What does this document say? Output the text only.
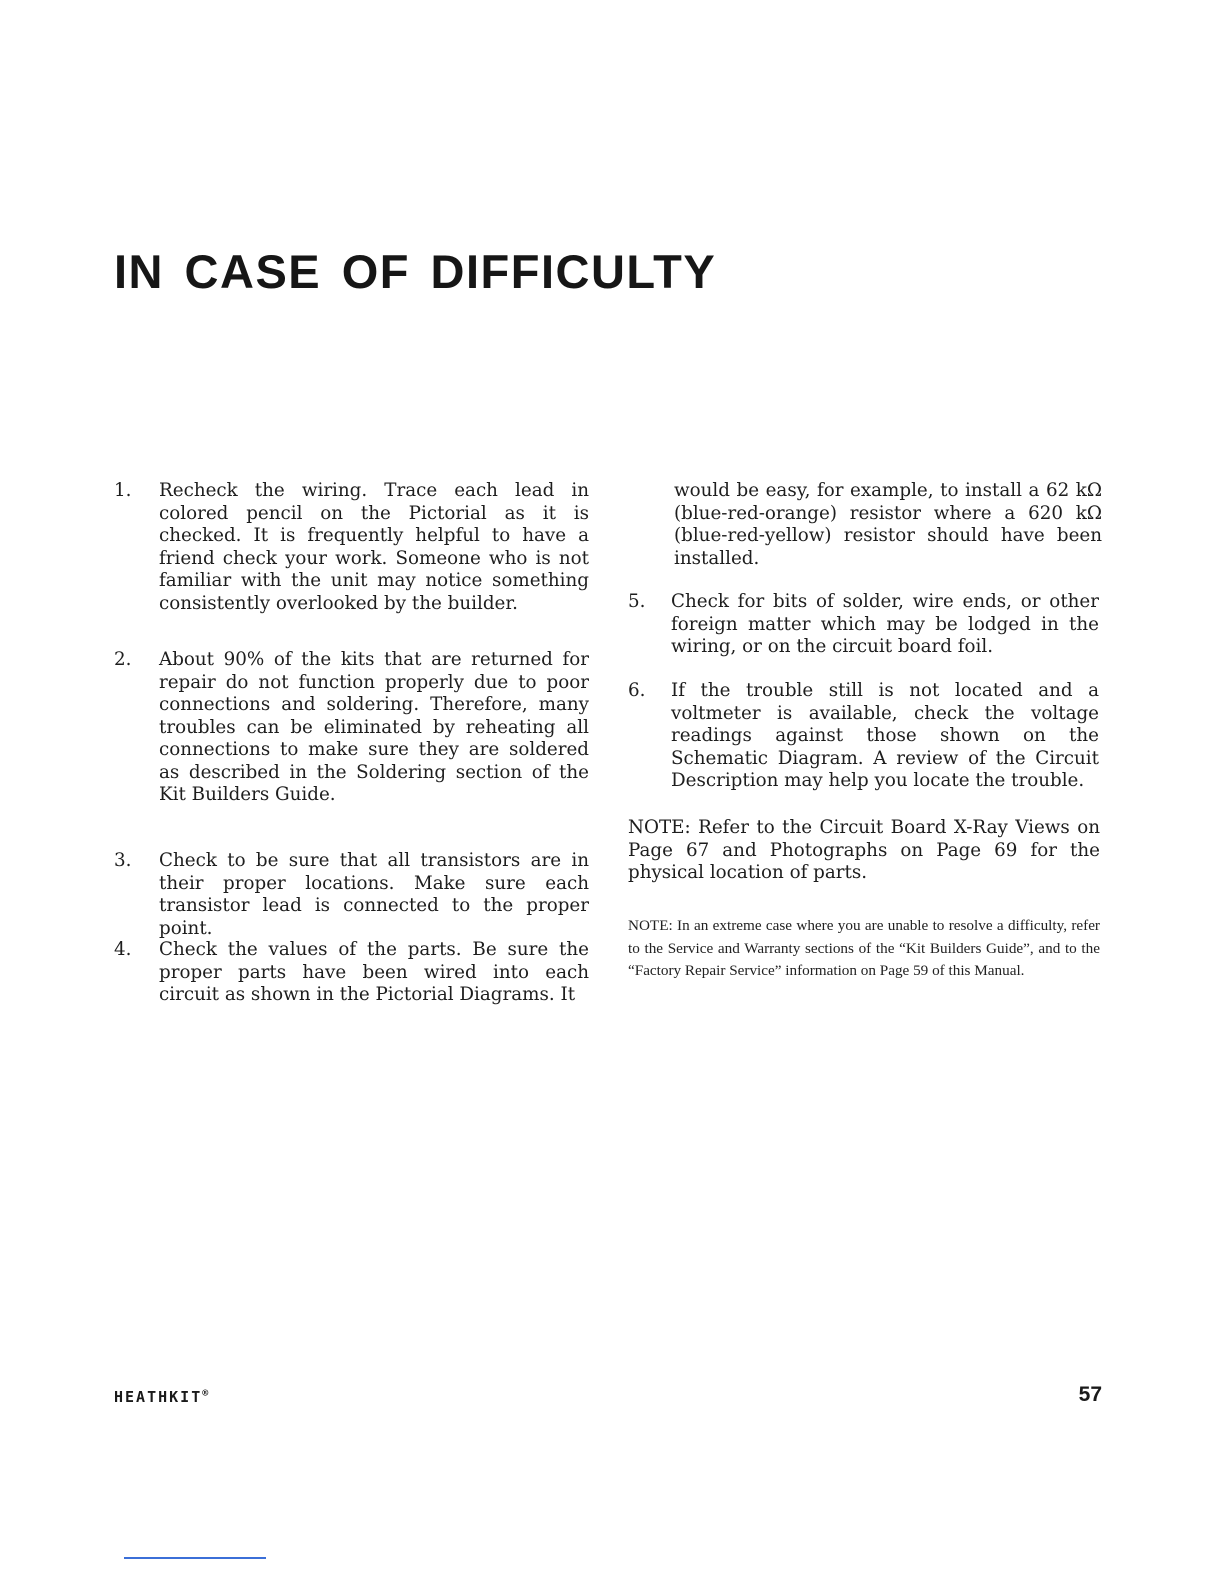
IN CASE OF DIFFICULTY
1.	Recheck the wiring. Trace each lead in colored pencil on the Pictorial as it is checked. It is frequently helpful to have a friend check your work. Someone who is not familiar with the unit may notice something consistently overlooked by the builder.

2.	About 90% of the kits that are returned for repair do not function properly due to poor connections and soldering. Therefore, many troubles can be eliminated by reheating all connections to make sure they are soldered as described in the Soldering section of the Kit Builders Guide.

3.	Check to be sure that all transistors are in their proper locations. Make sure each transistor lead is connected to the proper point.

4.	Check the values of the parts. Be sure the proper parts have been wired into each circuit as shown in the Pictorial Diagrams. It

would be easy, for example, to install a 62 kΩ (blue-red-orange) resistor where a 620 kΩ (blue-red-yellow) resistor should have been installed.

5.	Check for bits of solder, wire ends, or other foreign matter which may be lodged in the wiring, or on the circuit board foil.

6.	If the trouble still is not located and a voltmeter is available, check the voltage readings against those shown on the Schematic Diagram. A review of the Circuit Description may help you locate the trouble.

NOTE: Refer to the Circuit Board X-Ray Views on Page 67 and Photographs on Page 69 for the physical location of parts.

NOTE: In an extreme case where you are unable to resolve a difficulty, refer to the Service and Warranty sections of the “Kit Builders Guide”, and to the “Factory Repair Service” information on Page 59 of this Manual.

HEATHKIT®	57
